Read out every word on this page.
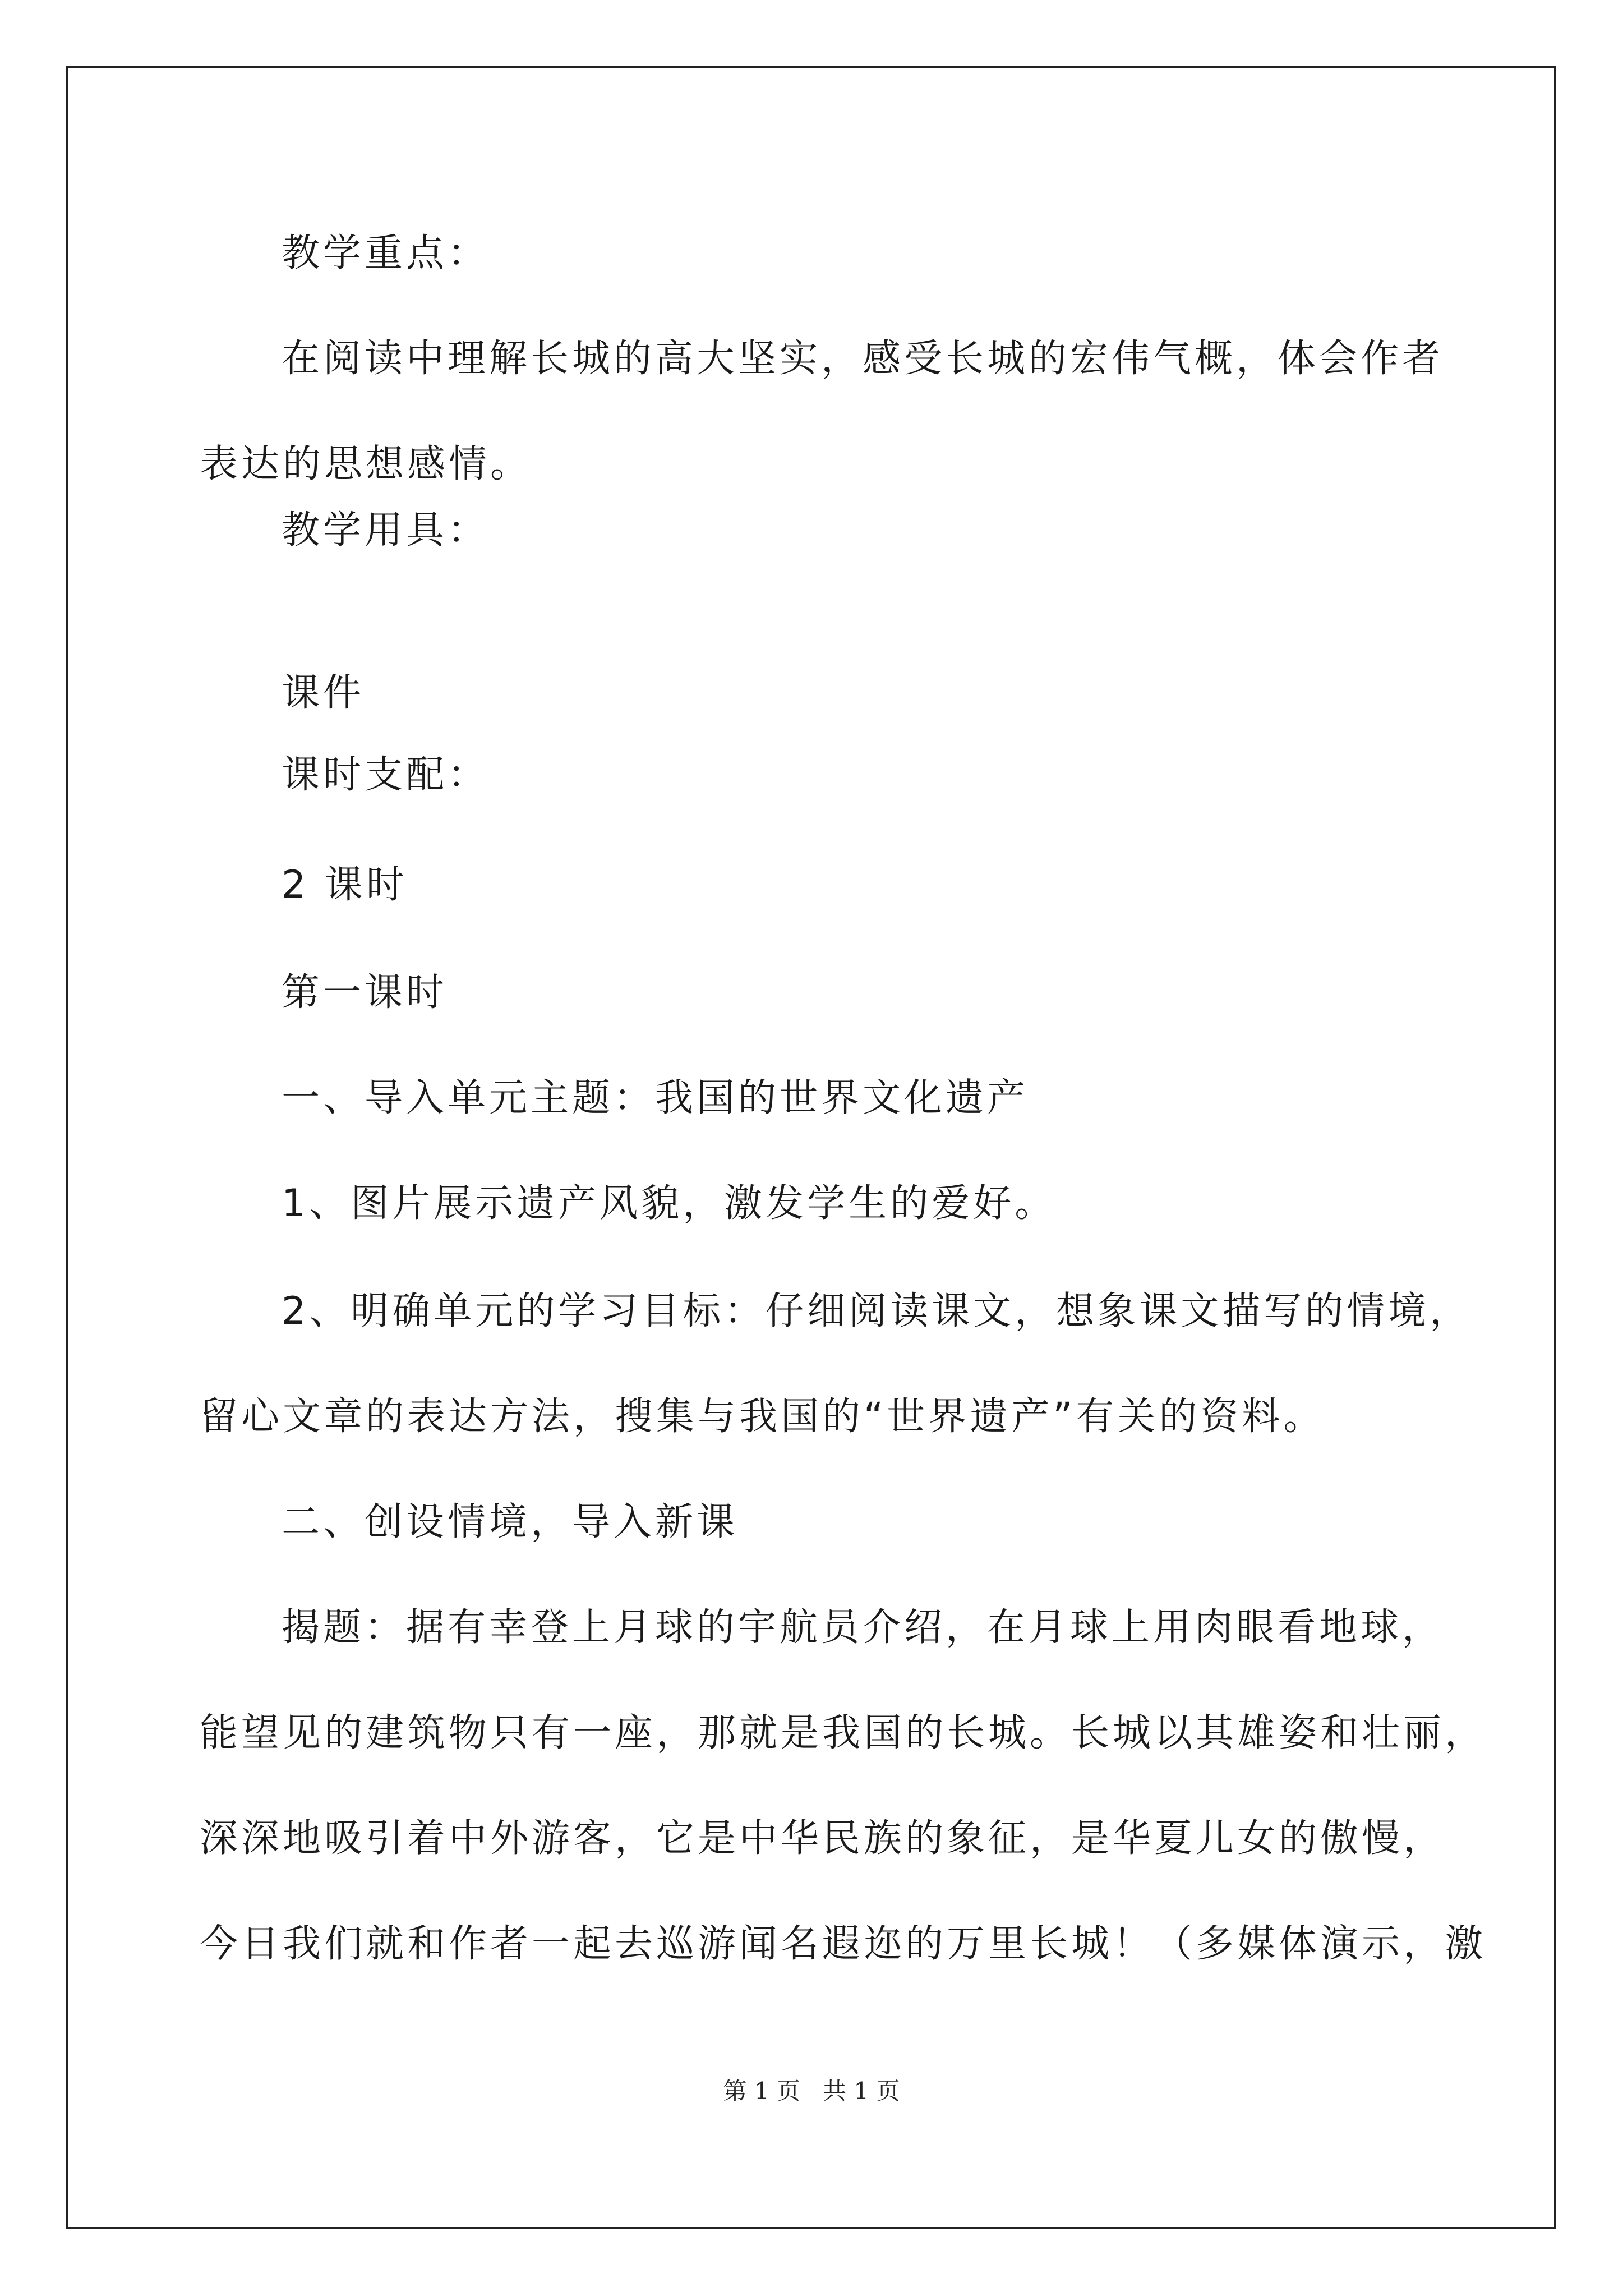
教学重点：
在阅读中理解长城的高大坚实，感受长城的宏伟气概，体会作者
表达的思想感情。
教学用具：
课件
课时支配：
2 课时
第一课时
一、导入单元主题：我国的世界文化遗产
1、图片展示遗产风貌，激发学生的爱好。
2、明确单元的学习目标：仔细阅读课文，想象课文描写的情境，
留心文章的表达方法，搜集与我国的“世界遗产”有关的资料。
二、创设情境，导入新课
揭题：据有幸登上月球的宇航员介绍，在月球上用肉眼看地球，
能望见的建筑物只有一座，那就是我国的长城。长城以其雄姿和壮丽，
深深地吸引着中外游客，它是中华民族的象征，是华夏儿女的傲慢，
今日我们就和作者一起去巡游闻名遐迩的万里长城！（多媒体演示，激
第 1 页 共 1 页
